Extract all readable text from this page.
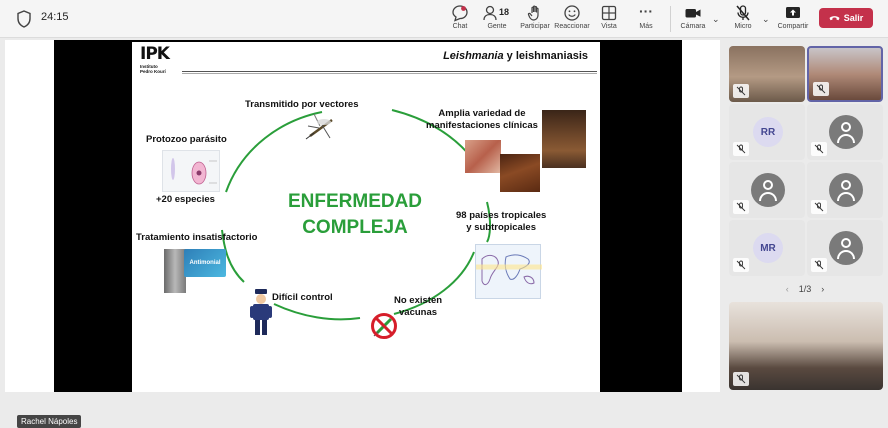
24:15
Chat
18
Gente	Participar Reaccionar	Vista
···
Más	Cámara
⌄
Micro
⌄
Compartir
Salir
Rachel Nápoles
IPK
Instituto
Pedro Kourí
Leishmania y leishmaniasis
Antimonial
Transmitido por vectores
Amplia variedad de
manifestaciones clínicas
Protozoo parásito
+20 especies
98 países tropicales
y subtropicales
Tratamiento insatisfactorio
Difícil control	No existen
vacunas
ENFERMEDAD
COMPLEJA
RR
MR
‹ 1/3 ›
